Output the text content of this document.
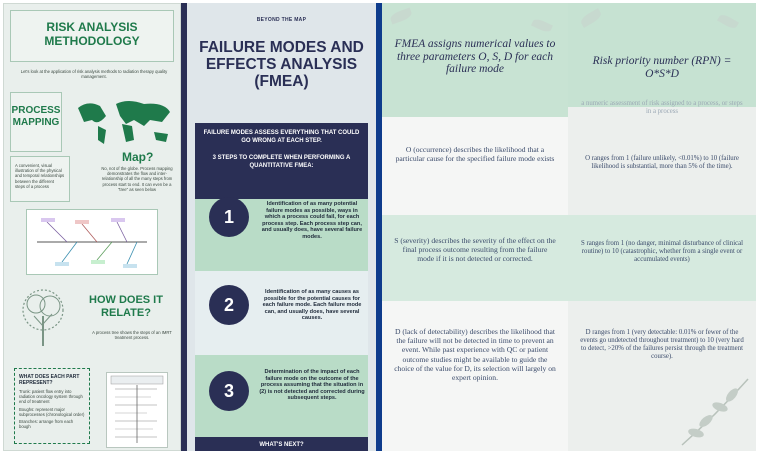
RISK ANALYSIS METHODOLOGY
Let's look at the application of risk analysis methods to radiation therapy quality management.
PROCESS MAPPING
Map?
A convenient, visual illustration of the physical and temporal relationships between the different steps of a process
No, not of the globe. Process mapping demonstrates the flow and inter-relationship of all the many steps from process start to end. It can even be a "tree" as seen below
HOW DOES IT RELATE?
A process tree shows the steps of an IMRT treatment process.
WHAT DOES EACH PART REPRESENT?
Trunk: patient flow entry into radiation oncology system through end of treatment
Boughs: represent major subprocesses (chronological order)
Branches: arrange from each bough
BEYOND THE MAP
FAILURE MODES AND EFFECTS ANALYSIS (FMEA)
FAILURE MODES ASSESS EVERYTHING THAT COULD GO WRONG AT EACH STEP.
3 STEPS TO COMPLETE WHEN PERFORMING A QUANTITATIVE FMEA:
1
Identification of as many potential failure modes as possible, ways in which a process could fail, for each process step. Each process step can, and usually does, have several failure modes.
2
Identification of as many causes as possible for the potential causes for each failure mode. Each failure mode can, and usually does, have several causes.
3
Determination of the impact of each failure mode on the outcome of the process assuming that the situation in (2) is not detected and corrected during subsequent steps.
WHAT'S NEXT?
FMEA assigns numerical values to three parameters O, S, D for each failure mode
O (occurrence) describes the likelihood that a particular cause for the specified failure mode exists
S (severity) describes the severity of the effect on the final process outcome resulting from the failure mode if it is not detected or corrected.
D (lack of detectability) describes the likelihood that the failure will not be detected in time to prevent an event. While past experience with QC or patient outcome studies might be available to guide the choice of the value for D, its selection will largely on expert opinion.
Risk priority number (RPN) = O*S*D
a numeric assessment of risk assigned to a process, or steps in a process
O ranges from 1 (failure unlikely, <0.01%) to 10 (failure likelihood is substantial, more than 5% of the time).
S ranges from 1 (no danger, minimal disturbance of clinical routine) to 10 (catastrophic, whether from a single event or accumulated events)
D ranges from 1 (very detectable: 0.01% or fewer of the events go undetected throughout treatment) to 10 (very hard to detect, >20% of the failures persist through the treatment course).
